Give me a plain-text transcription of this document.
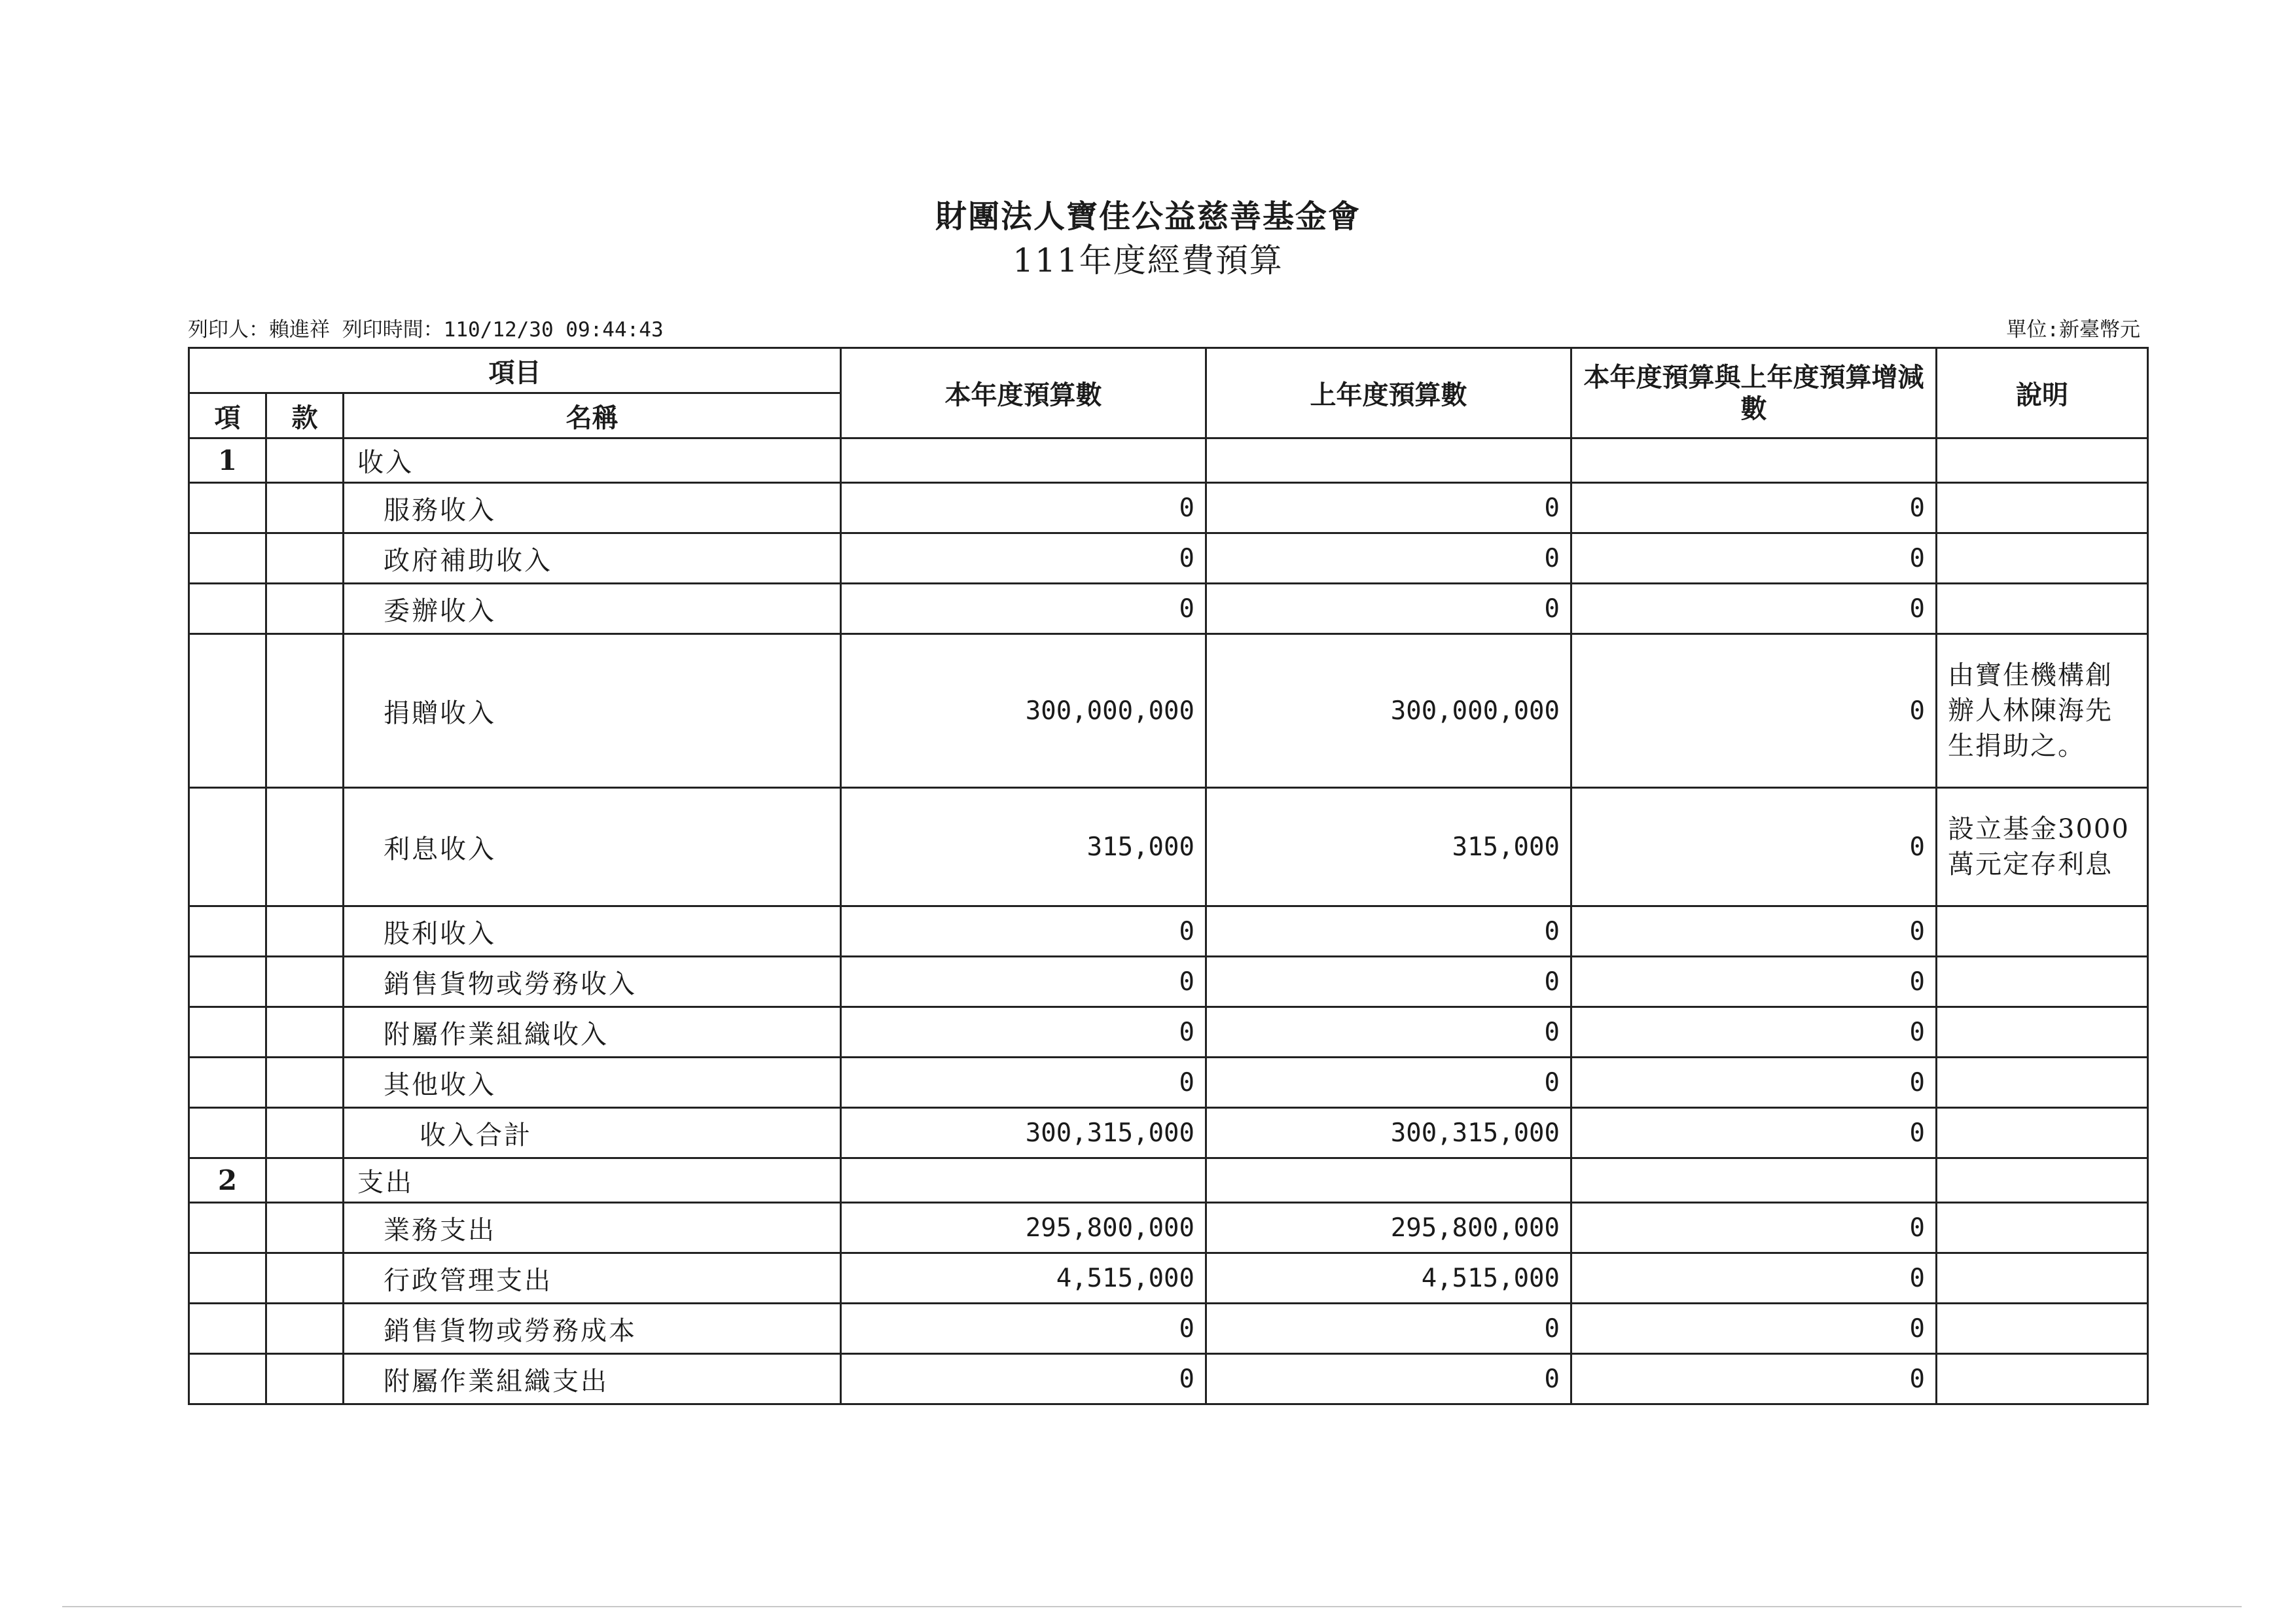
財團法人寶佳公益慈善基金會
111年度經費預算
列印人：賴進祥 列印時間：110/12/30 09:44:43	單位:新臺幣元
項目			本年度預算數	上年度預算數	本年度預算與上年度預算增減數	說明
項	款	名稱				
1		收入				
		服務收入	0	0	0	
		政府補助收入	0	0	0	
		委辦收入	0	0	0	
		捐贈收入	300,000,000	300,000,000	0	由寶佳機構創辦人林陳海先生捐助之。
		利息收入	315,000	315,000	0	設立基金3000萬元定存利息
		股利收入	0	0	0	
		銷售貨物或勞務收入	0	0	0	
		附屬作業組織收入	0	0	0	
		其他收入	0	0	0	
		收入合計	300,315,000	300,315,000	0	
2		支出				
		業務支出	295,800,000	295,800,000	0	
		行政管理支出	4,515,000	4,515,000	0	
		銷售貨物或勞務成本	0	0	0	
		附屬作業組織支出	0	0	0	
